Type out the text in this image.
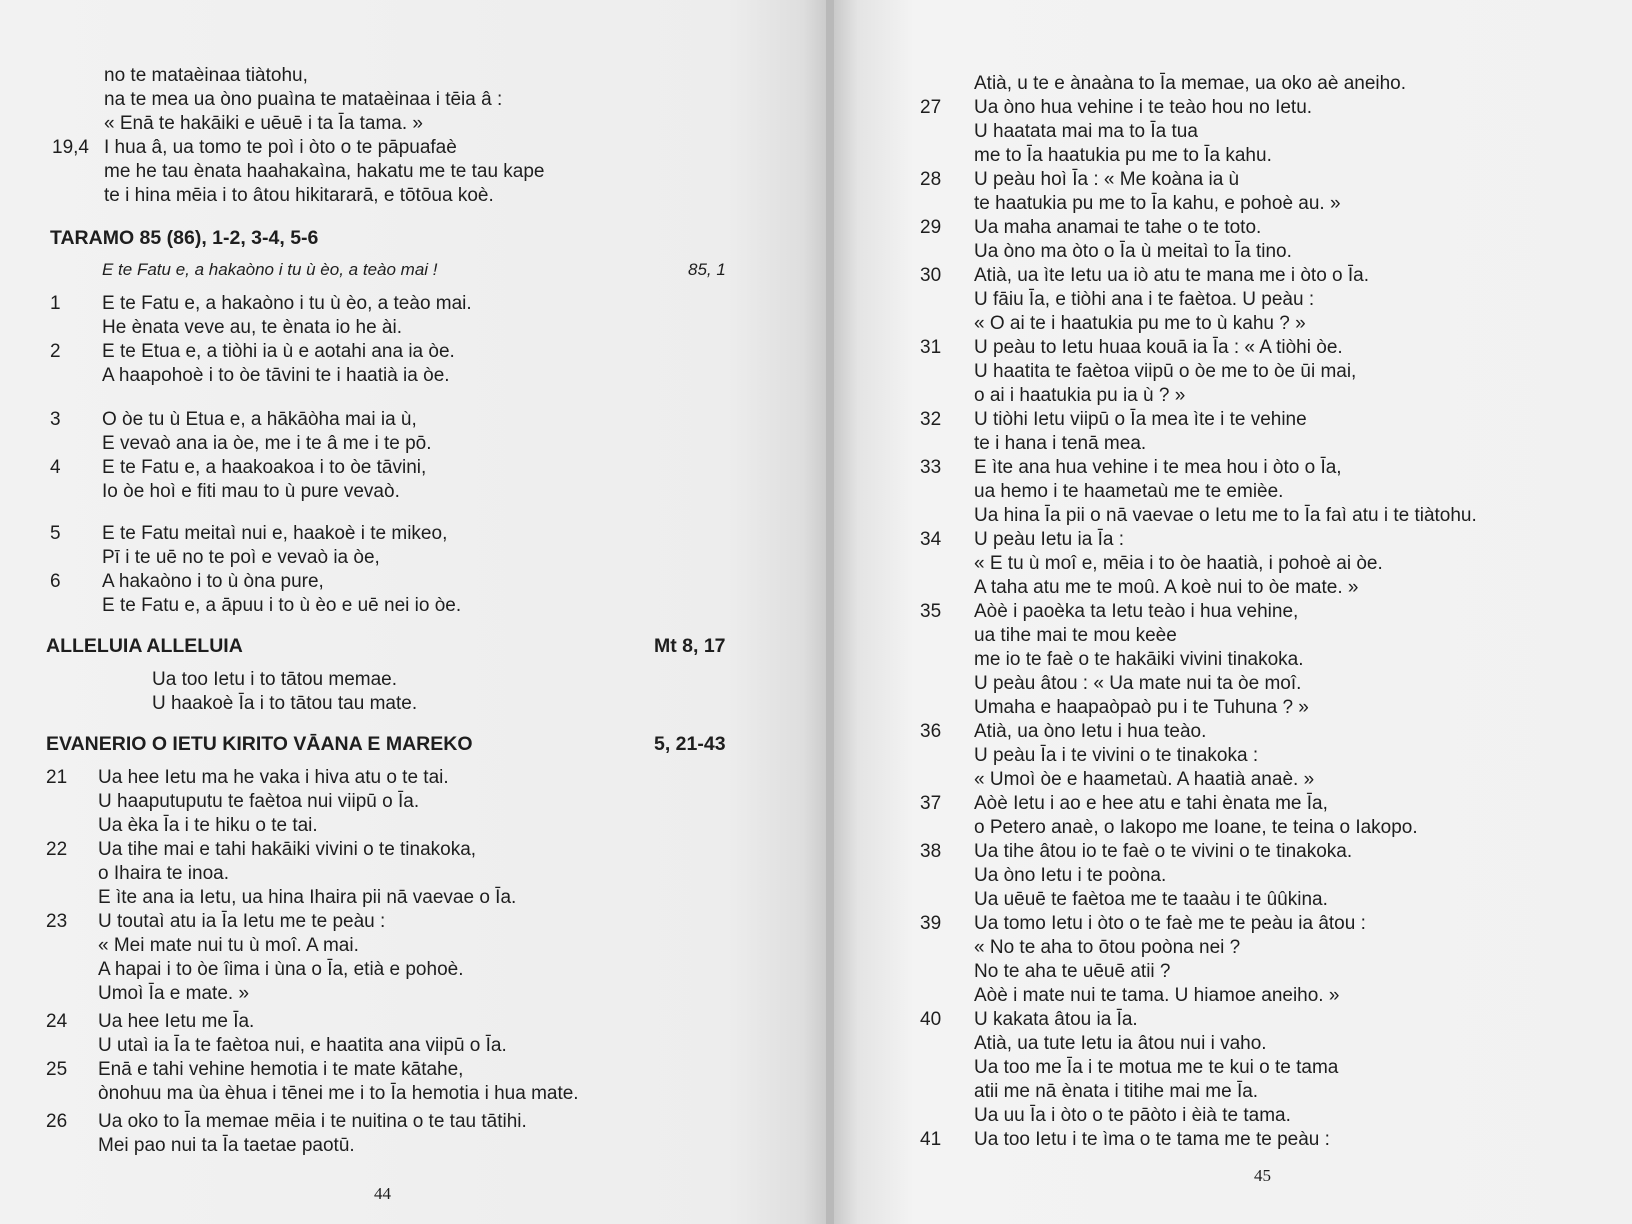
no te mataèinaa tiàtohu,
na te mea ua òno puaìna te mataèinaa i tēia â :
« Enā te hakāiki e uēuē i ta Īa tama. »
19,4 I hua â, ua tomo te poì i òto o te pāpuafaè
me he tau ènata haahakaìna, hakatu me te tau kape
te i hina mēia i to âtou hikitararā, e tōtōua koè.
TARAMO 85 (86), 1-2, 3-4, 5-6
E te Fatu e, a hakaòno i tu ù èo, a teào mai !	85, 1
1 E te Fatu e, a hakaòno i tu ù èo, a teào mai.
He ènata veve au, te ènata io he ài.
2 E te Etua e, a tiòhi ia ù e aotahi ana ia òe.
A haapohoè i to òe tāvini te i haatià ia òe.
3 O òe tu ù Etua e, a hākāòha mai ia ù,
E vevaò ana ia òe, me i te â me i te pō.
4 E te Fatu e, a haakoakoa i to òe tāvini,
Io òe hoì e fiti mau to ù pure vevaò.
5 E te Fatu meitaì nui e, haakoè i te mikeo,
Pī i te uē no te poì e vevaò ia òe,
6 A hakaòno i to ù òna pure,
E te Fatu e, a āpuu i to ù èo e uē nei io òe.
ALLELUIA ALLELUIA	Mt 8, 17
Ua too Ietu i to tātou memae.
U haakoè Īa i to tātou tau mate.
EVANERIO O IETU KIRITO VĀANA E MAREKO	5, 21-43
21 Ua hee Ietu ma he vaka i hiva atu o te tai.
U haaputuputu te faètoa nui viipū o Īa.
Ua èka Īa i te hiku o te tai.
22 Ua tihe mai e tahi hakāiki vivini o te tinakoka,
o Ihaira te inoa.
E ìte ana ia Ietu, ua hina Ihaira pii nā vaevae o Īa.
23 U toutaì atu ia Īa Ietu me te peàu :
« Mei mate nui tu ù moî. A mai.
A hapai i to òe îima i ùna o Īa, etià e pohoè.
Umoì Īa e mate. »
24 Ua hee Ietu me Īa.
U utaì ia Īa te faètoa nui, e haatita ana viipū o Īa.
25 Enā e tahi vehine hemotia i te mate kātahe,
ònohuu ma ùa èhua i tēnei me i to Īa hemotia i hua mate.
26 Ua oko to Īa memae mēia i te nuitina o te tau tātihi.
Mei pao nui ta Īa taetae paotū.
44
Atià, u te e ànaàna to Īa memae, ua oko aè aneiho.
27 Ua òno hua vehine i te teào hou no Ietu.
U haatata mai ma to Īa tua
me to Īa haatukia pu me to Īa kahu.
28 U peàu hoì Īa : « Me koàna ia ù
te haatukia pu me to Īa kahu, e pohoè au. »
29 Ua maha anamai te tahe o te toto.
Ua òno ma òto o Īa ù meitaì to Īa tino.
30 Atià, ua ìte Ietu ua iò atu te mana me i òto o Īa.
U fāiu Īa, e tiòhi ana i te faètoa. U peàu :
« O ai te i haatukia pu me to ù kahu ? »
31 U peàu to Ietu huaa kouā ia Īa : « A tiòhi òe.
U haatita te faètoa viipū o òe me to òe ūi mai,
o ai i haatukia pu ia ù ? »
32 U tiòhi Ietu viipū o Īa mea ìte i te vehine
te i hana i tenā mea.
33 E ìte ana hua vehine i te mea hou i òto o Īa,
ua hemo i te haametaù me te emièe.
Ua hina Īa pii o nā vaevae o Ietu me to Īa faì atu i te tiàtohu.
34 U peàu Ietu ia Īa :
« E tu ù moî e, mēia i to òe haatià, i pohoè ai òe.
A taha atu me te moû. A koè nui to òe mate. »
35 Aòè i paoèka ta Ietu teào i hua vehine,
ua tihe mai te mou keèe
me io te faè o te hakāiki vivini tinakoka.
U peàu âtou : « Ua mate nui ta òe moî.
Umaha e haapaòpaò pu i te Tuhuna ? »
36 Atià, ua òno Ietu i hua teào.
U peàu Īa i te vivini o te tinakoka :
« Umoì òe e haametaù. A haatià anaè. »
37 Aòè Ietu i ao e hee atu e tahi ènata me Īa,
o Petero anaè, o Iakopo me Ioane, te teina o Iakopo.
38 Ua tihe âtou io te faè o te vivini o te tinakoka.
Ua òno Ietu i te poòna.
Ua uēuē te faètoa me te taaàu i te ûûkina.
39 Ua tomo Ietu i òto o te faè me te peàu ia âtou :
« No te aha to ōtou poòna nei ?
No te aha te uēuē atii ?
Aòè i mate nui te tama. U hiamoe aneiho. »
40 U kakata âtou ia Īa.
Atià, ua tute Ietu ia âtou nui i vaho.
Ua too me Īa i te motua me te kui o te tama
atii me nā ènata i titihe mai me Īa.
Ua uu Īa i òto o te pāòto i èià te tama.
41 Ua too Ietu i te ìma o te tama me te peàu :
45
